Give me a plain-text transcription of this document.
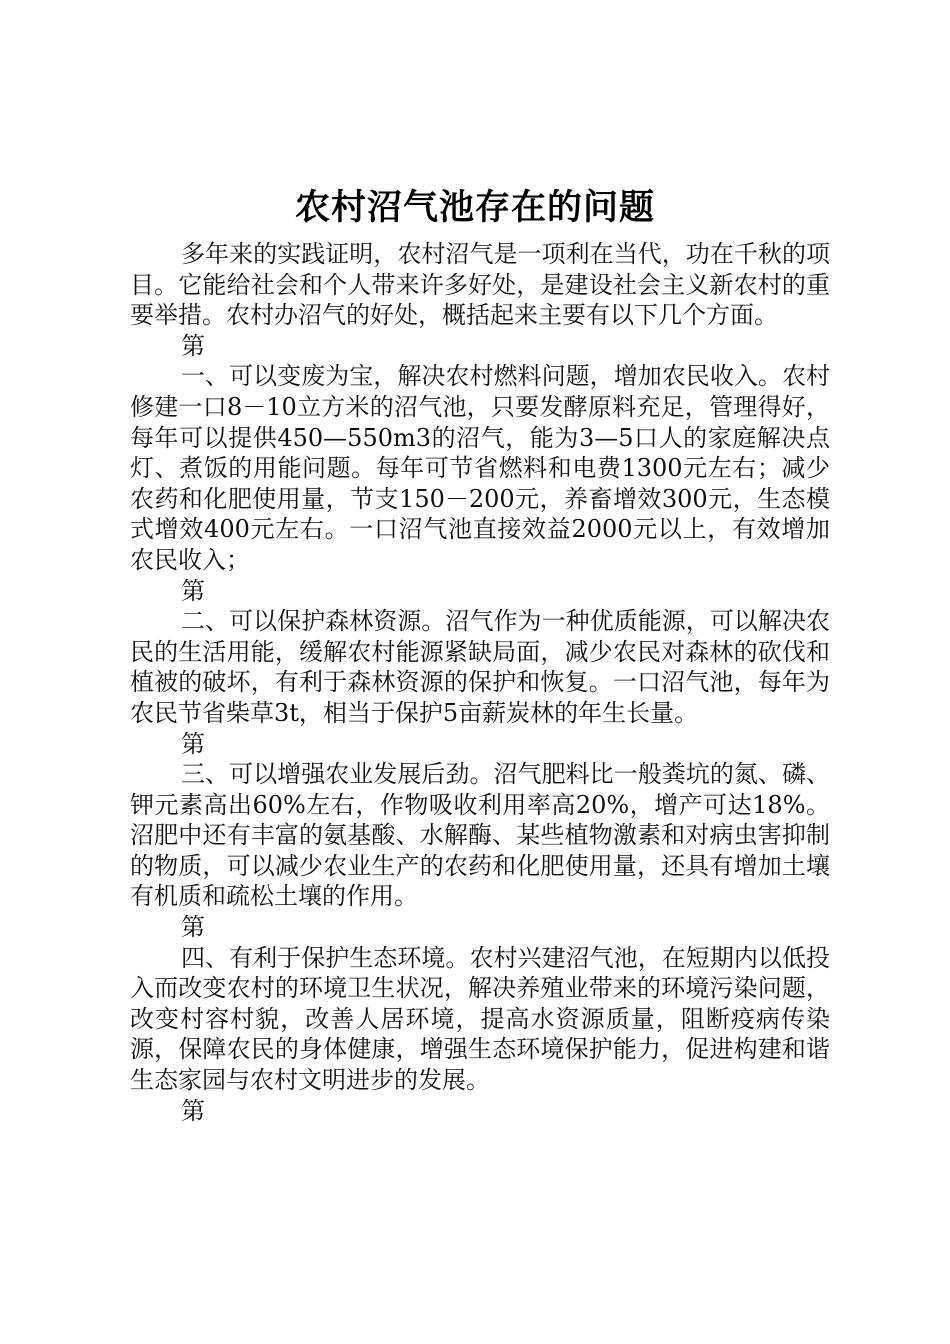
农村沼气池存在的问题

多年来的实践证明，农村沼气是一项利在当代，功在千秋的项目。它能给社会和个人带来许多好处，是建设社会主义新农村的重要举措。农村办沼气的好处，概括起来主要有以下几个方面。

第

一、可以变废为宝，解决农村燃料问题，增加农民收入。农村修建一口8－10立方米的沼气池，只要发酵原料充足，管理得好，每年可以提供450—550m3的沼气，能为3—5口人的家庭解决点灯、煮饭的用能问题。每年可节省燃料和电费1300元左右；减少农药和化肥使用量，节支150－200元，养畜增效300元，生态模式增效400元左右。一口沼气池直接效益2000元以上，有效增加农民收入；

第

二、可以保护森林资源。沼气作为一种优质能源，可以解决农民的生活用能，缓解农村能源紧缺局面，减少农民对森林的砍伐和植被的破坏，有利于森林资源的保护和恢复。一口沼气池，每年为农民节省柴草3t，相当于保护5亩薪炭林的年生长量。

第

三、可以增强农业发展后劲。沼气肥料比一般粪坑的氮、磷、钾元素高出60%左右，作物吸收利用率高20%，增产可达18%。沼肥中还有丰富的氨基酸、水解酶、某些植物激素和对病虫害抑制的物质，可以减少农业生产的农药和化肥使用量，还具有增加土壤有机质和疏松土壤的作用。

第

四、有利于保护生态环境。农村兴建沼气池，在短期内以低投入而改变农村的环境卫生状况，解决养殖业带来的环境污染问题，改变村容村貌，改善人居环境，提高水资源质量，阻断疫病传染源，保障农民的身体健康，增强生态环境保护能力，促进构建和谐生态家园与农村文明进步的发展。

第
